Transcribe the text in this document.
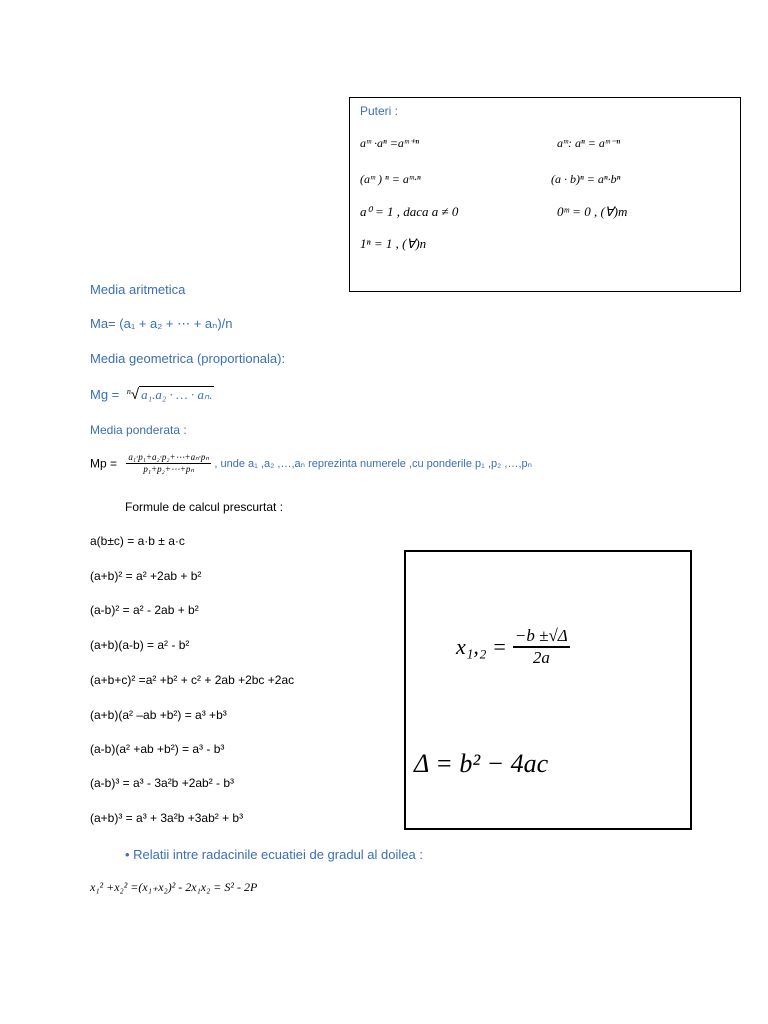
Puteri :
aᵐ ·aⁿ =aᵐ⁺ⁿ	aᵐ: aⁿ = aᵐ⁻ⁿ
(aᵐ ) ⁿ = aᵐ·ⁿ	(a · b)ⁿ = aⁿ·bⁿ
a⁰ = 1 , daca a ≠ 0	0ᵐ = 0 , (∀)m
1ⁿ = 1 , (∀)n
Media aritmetica
Ma= (a₁ + a₂ + ⋯ + aₙ)/n
Media geometrica (proportionala):
Mg = $^n$√ a₁.a₂ · … · aₙ.
Media ponderata :
$Mp = \frac{\text{a₁·p₁+a₂·p₂+⋯+aₙ·pₙ}}{\text{p₁+p₂+⋯+pₙ}}$ , unde a₁ ,a₂ ,…,aₙ reprezinta numerele ,cu ponderile p₁ ,p₂ ,…,pₙ
Formule de calcul prescurtat :
a(b±c) = a·b ± a·c
(a+b)² = a² +2ab + b²
(a-b)² = a² - 2ab + b²
(a+b)(a-b) = a² - b²
(a+b+c)² =a² +b² + c² + 2ab +2bc +2ac
(a+b)(a² –ab +b²) = a³ +b³
(a-b)(a² +ab +b²) = a³ - b³
(a-b)³ = a³ - 3a²b +2ab² - b³
(a+b)³ = a³ + 3a²b +3ab² + b³
$x_1,_2 = \frac{-b \pm√\Delta}{2a}$
Δ = b² − 4ac
• Relatii intre radacinile ecuatiei de gradul al doilea :
x₁² +x₂² =(x₁₊x₂)² - 2x₁x₂ = S² - 2P
